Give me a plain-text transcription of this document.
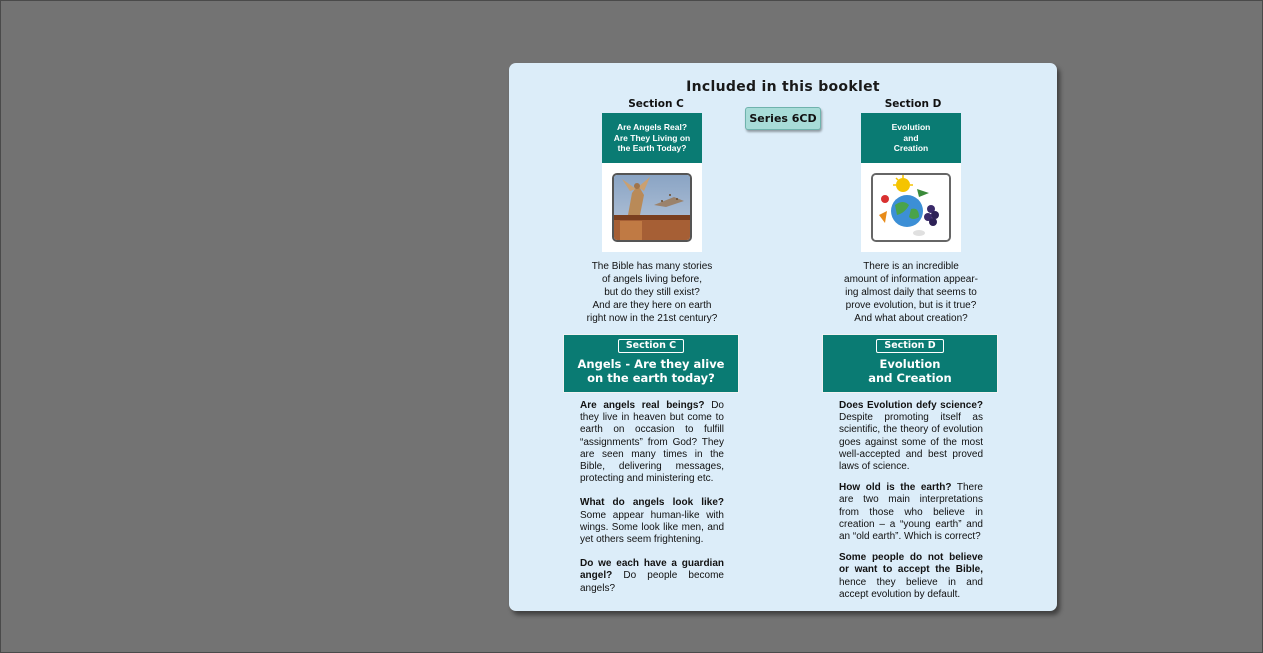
Included in this booklet
Section C	Section D
Series 6CD
Are Angels Real?
Are They Living on
the Earth Today?
Evolution
and
Creation
The Bible has many stories
of angels living before,
but do they still exist?
And are they here on earth
right now in the 21st century?
There is an incredible
amount of information appear-
ing almost daily that seems to
prove evolution, but is it true?
And what about creation?
Section C
Angels - Are they alive
on the earth today?
Section D
Evolution
and Creation

Are angels real beings? Do they live in heaven but come to earth on occasion to fulfill “assignments” from God? They are seen many times in the Bible, delivering messages, protecting and ministering etc.

What do angels look like? Some appear human-like with wings. Some look like men, and yet others seem frightening.

Do we each have a guardian angel? Do people become angels?

Does Evolution defy science? Despite promoting itself as scientific, the theory of evolution goes against some of the most well-accepted and best proved laws of science.

How old is the earth? There are two main interpretations from those who believe in creation – a “young earth” and an “old earth”. Which is correct?

Some people do not believe or want to accept the Bible, hence they believe in and accept evolution by default.
